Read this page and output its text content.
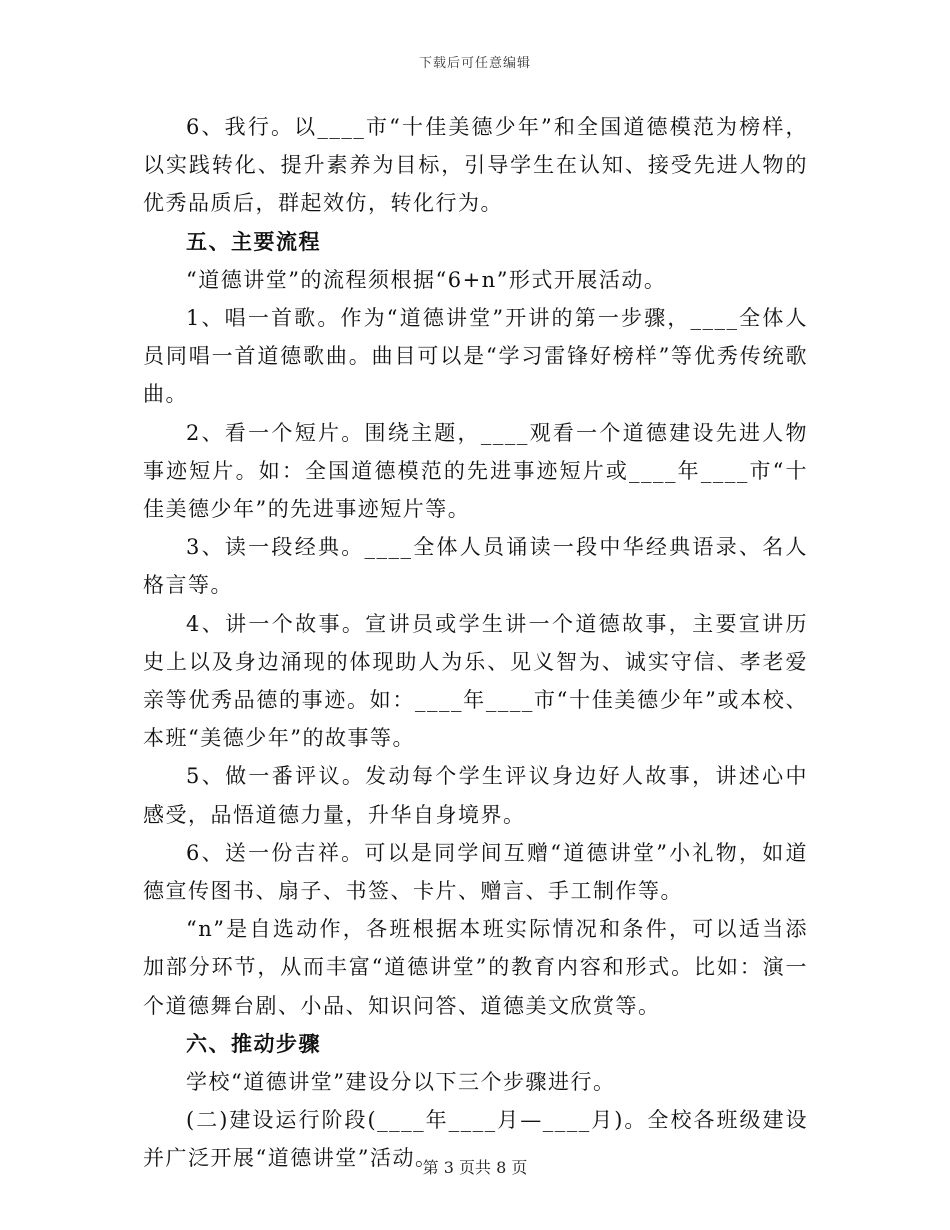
下载后可任意编辑

6、我行。以____市“十佳美德少年”和全国道德模范为榜样，以实践转化、提升素养为目标，引导学生在认知、接受先进人物的优秀品质后，群起效仿，转化行为。

五、主要流程

“道德讲堂”的流程须根据“6+n”形式开展活动。

1、唱一首歌。作为“道德讲堂”开讲的第一步骤，____全体人员同唱一首道德歌曲。曲目可以是“学习雷锋好榜样”等优秀传统歌曲。

2、看一个短片。围绕主题，____观看一个道德建设先进人物事迹短片。如：全国道德模范的先进事迹短片或____年____市“十佳美德少年”的先进事迹短片等。

3、读一段经典。____全体人员诵读一段中华经典语录、名人格言等。

4、讲一个故事。宣讲员或学生讲一个道德故事，主要宣讲历史上以及身边涌现的体现助人为乐、见义智为、诚实守信、孝老爱亲等优秀品德的事迹。如：____年____市“十佳美德少年”或本校、本班“美德少年”的故事等。

5、做一番评议。发动每个学生评议身边好人故事，讲述心中感受，品悟道德力量，升华自身境界。

6、送一份吉祥。可以是同学间互赠“道德讲堂”小礼物，如道德宣传图书、扇子、书签、卡片、赠言、手工制作等。

“n”是自选动作，各班根据本班实际情况和条件，可以适当添加部分环节，从而丰富“道德讲堂”的教育内容和形式。比如：演一个道德舞台剧、小品、知识问答、道德美文欣赏等。

六、推动步骤

学校“道德讲堂”建设分以下三个步骤进行。

(二)建设运行阶段(____年____月—____月)。全校各班级建设并广泛开展“道德讲堂”活动。

第 3 页共 8 页
